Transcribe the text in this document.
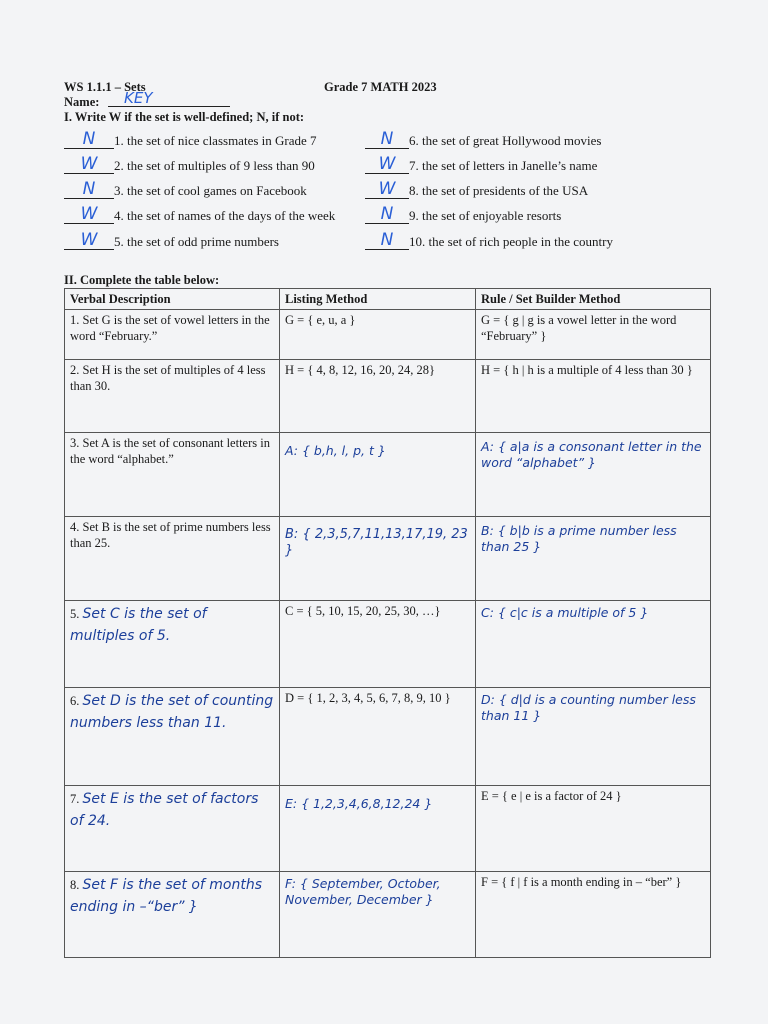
WS 1.1.1 – Sets	Grade 7 MATH 2023
Name: KEY
I. Write W if the set is well-defined; N, if not:
N 1. the set of nice classmates in Grade 7
W 2. the set of multiples of 9 less than 90
N 3. the set of cool games on Facebook
W 4. the set of names of the days of the week
W 5. the set of odd prime numbers
N 6. the set of great Hollywood movies
W 7. the set of letters in Janelle’s name
W 8. the set of presidents of the USA
N 9. the set of enjoyable resorts
N 10. the set of rich people in the country
II. Complete the table below:
Verbal Description	Listing Method	Rule / Set Builder Method
1. Set G is the set of vowel letters in the word “February.”	G = { e, u, a }	G = { g | g is a vowel letter in the word “February” }
2. Set H is the set of multiples of 4 less than 30.	H = { 4, 8, 12, 16, 20, 24, 28}	H = { h | h is a multiple of 4 less than 30 }
3. Set A is the set of consonant letters in the word “alphabet.”	A: { b,h, l, p, t }	A: { a|a is a consonant letter in the word “alphabet” }
4. Set B is the set of prime numbers less than 25.	B: { 2,3,5,7,11,13,17,19, 23 }	B: { b|b is a prime number less than 25 }
5. Set C is the set of multiples of 5.	C = { 5, 10, 15, 20, 25, 30, …}	C: { c|c is a multiple of 5 }
6. Set D is the set of counting numbers less than 11.	D = { 1, 2, 3, 4, 5, 6, 7, 8, 9, 10 }	D: { d|d is a counting number less than 11 }
7. Set E is the set of factors of 24.	E: { 1,2,3,4,6,8,12,24 }	E = { e | e is a factor of 24 }
8. Set F is the set of months ending in –“ber” }	F: { September, October, November, December }	F = { f | f is a month ending in – “ber” }
